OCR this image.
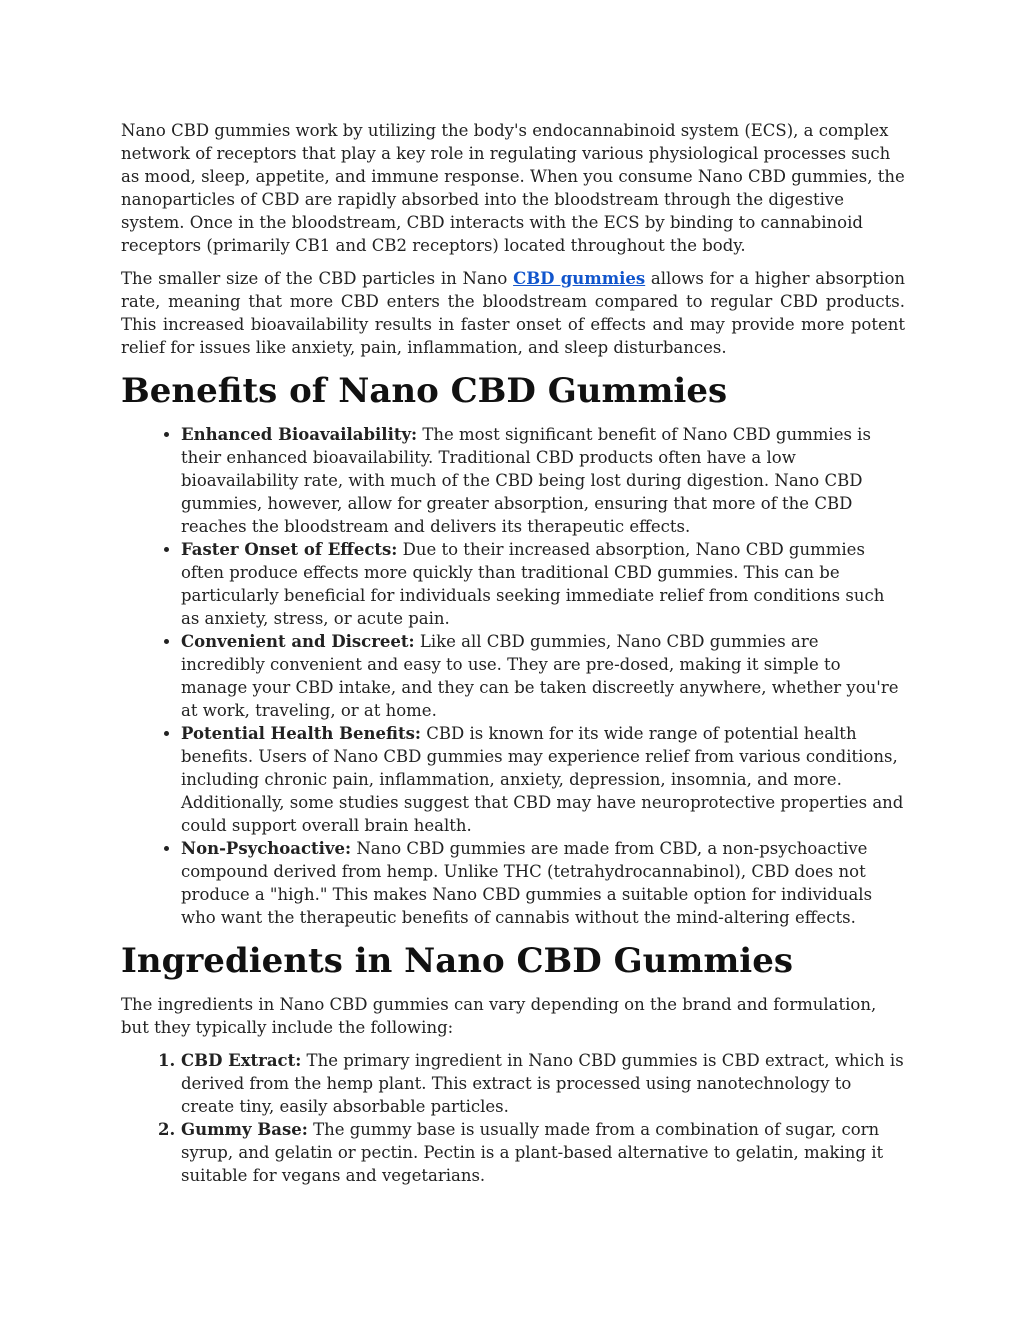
Nano CBD gummies work by utilizing the body's endocannabinoid system (ECS), a complex network of receptors that play a key role in regulating various physiological processes such as mood, sleep, appetite, and immune response. When you consume Nano CBD gummies, the nanoparticles of CBD are rapidly absorbed into the bloodstream through the digestive system. Once in the bloodstream, CBD interacts with the ECS by binding to cannabinoid receptors (primarily CB1 and CB2 receptors) located throughout the body.

The smaller size of the CBD particles in Nano CBD gummies allows for a higher absorption rate, meaning that more CBD enters the bloodstream compared to regular CBD products. This increased bioavailability results in faster onset of effects and may provide more potent relief for issues like anxiety, pain, inflammation, and sleep disturbances.

Benefits of Nano CBD Gummies
• Enhanced Bioavailability: The most significant benefit of Nano CBD gummies is their enhanced bioavailability. Traditional CBD products often have a low bioavailability rate, with much of the CBD being lost during digestion. Nano CBD gummies, however, allow for greater absorption, ensuring that more of the CBD reaches the bloodstream and delivers its therapeutic effects.
• Faster Onset of Effects: Due to their increased absorption, Nano CBD gummies often produce effects more quickly than traditional CBD gummies. This can be particularly beneficial for individuals seeking immediate relief from conditions such as anxiety, stress, or acute pain.
• Convenient and Discreet: Like all CBD gummies, Nano CBD gummies are incredibly convenient and easy to use. They are pre-dosed, making it simple to manage your CBD intake, and they can be taken discreetly anywhere, whether you're at work, traveling, or at home.
• Potential Health Benefits: CBD is known for its wide range of potential health benefits. Users of Nano CBD gummies may experience relief from various conditions, including chronic pain, inflammation, anxiety, depression, insomnia, and more. Additionally, some studies suggest that CBD may have neuroprotective properties and could support overall brain health.
• Non-Psychoactive: Nano CBD gummies are made from CBD, a non-psychoactive compound derived from hemp. Unlike THC (tetrahydrocannabinol), CBD does not produce a "high." This makes Nano CBD gummies a suitable option for individuals who want the therapeutic benefits of cannabis without the mind-altering effects.
Ingredients in Nano CBD Gummies

The ingredients in Nano CBD gummies can vary depending on the brand and formulation, but they typically include the following:

1. CBD Extract: The primary ingredient in Nano CBD gummies is CBD extract, which is derived from the hemp plant. This extract is processed using nanotechnology to create tiny, easily absorbable particles.
2. Gummy Base: The gummy base is usually made from a combination of sugar, corn syrup, and gelatin or pectin. Pectin is a plant-based alternative to gelatin, making it suitable for vegans and vegetarians.
